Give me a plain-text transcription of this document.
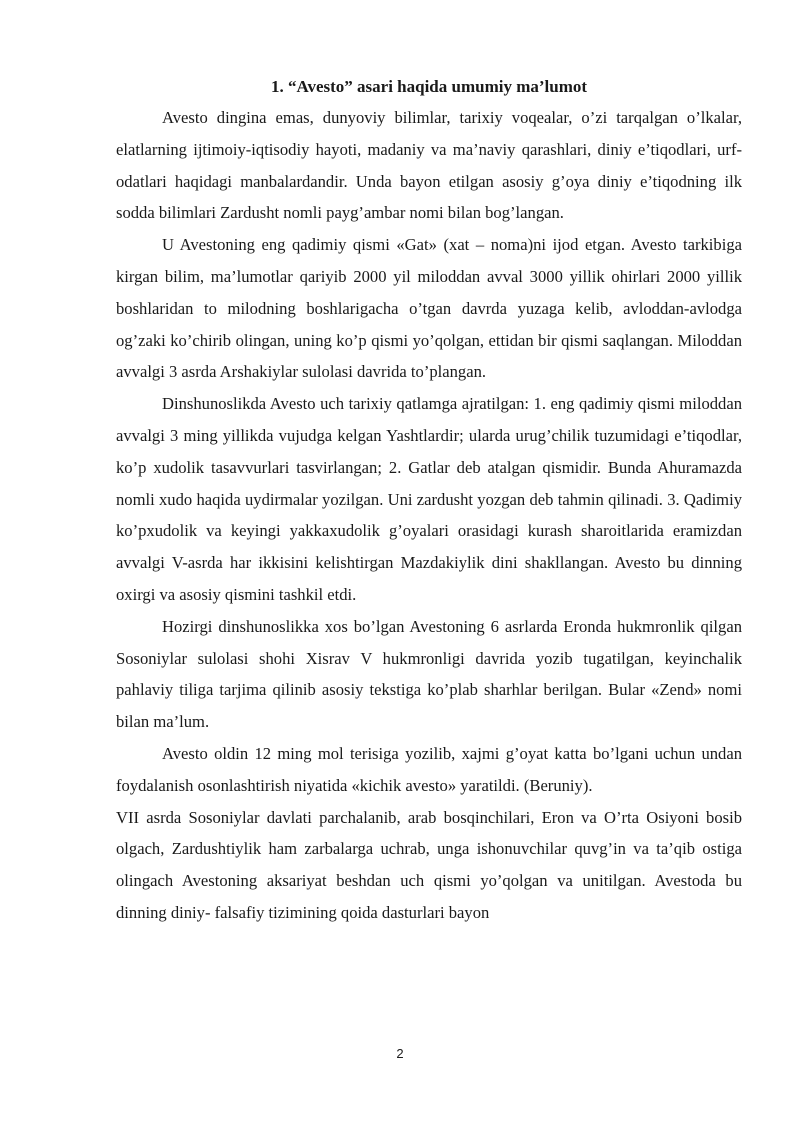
1. “Avesto” asari haqida umumiy ma’lumot

Avesto dingina emas, dunyoviy bilimlar, tarixiy voqealar, o’zi tarqalgan o’lkalar, elatlarning ijtimoiy-iqtisodiy hayoti, madaniy va ma’naviy qarashlari, diniy e’tiqodlari, urf-odatlari haqidagi manbalardandir. Unda bayon etilgan asosiy g’oya diniy e’tiqodning ilk sodda bilimlari Zardusht nomli payg’ambar nomi bilan bog’langan.

U Avestoning eng qadimiy qismi «Gat» (xat – noma)ni ijod etgan. Avesto tarkibiga kirgan bilim, ma’lumotlar qariyib 2000 yil miloddan avval 3000 yillik ohirlari 2000 yillik boshlaridan to milodning boshlarigacha o’tgan davrda yuzaga kelib, avloddan-avlodga og’zaki ko’chirib olingan, uning ko’p qismi yo’qolgan, ettidan bir qismi saqlangan. Miloddan avvalgi 3 asrda Arshakiylar sulolasi davrida to’plangan.

Dinshunoslikda Avesto uch tarixiy qatlamga ajratilgan: 1. eng qadimiy qismi miloddan avvalgi 3 ming yillikda vujudga kelgan Yashtlardir; ularda urug’chilik tuzumidagi e’tiqodlar, ko’p xudolik tasavvurlari tasvirlangan; 2. Gatlar deb atalgan qismidir. Bunda Ahuramazda nomli xudo haqida uydirmalar yozilgan. Uni zardusht yozgan deb tahmin qilinadi. 3. Qadimiy ko’pxudolik va keyingi yakkaxudolik g’oyalari orasidagi kurash sharoitlarida eramizdan avvalgi V-asrda har ikkisini kelishtirgan Mazdakiylik dini shakllangan. Avesto bu dinning oxirgi va asosiy qismini tashkil etdi.

Hozirgi dinshunoslikka xos bo’lgan Avestoning 6 asrlarda Eronda hukmronlik qilgan Sosoniylar sulolasi shohi Xisrav V hukmronligi davrida yozib tugatilgan, keyinchalik pahlaviy tiliga tarjima qilinib asosiy tekstiga ko’plab sharhlar berilgan. Bular «Zend» nomi bilan ma’lum.

Avesto oldin 12 ming mol terisiga yozilib, xajmi g’oyat katta bo’lgani uchun undan foydalanish osonlashtirish niyatida «kichik avesto» yaratildi. (Beruniy).

VII asrda Sosoniylar davlati parchalanib, arab bosqinchilari, Eron va O’rta Osiyoni bosib olgach, Zardushtiylik ham zarbalarga uchrab, unga ishonuvchilar quvg’in va ta’qib ostiga olingach Avestoning aksariyat beshdan uch qismi yo’qolgan va unitilgan. Avestoda bu dinning diniy- falsafiy tizimining qoida dasturlari bayon

2
